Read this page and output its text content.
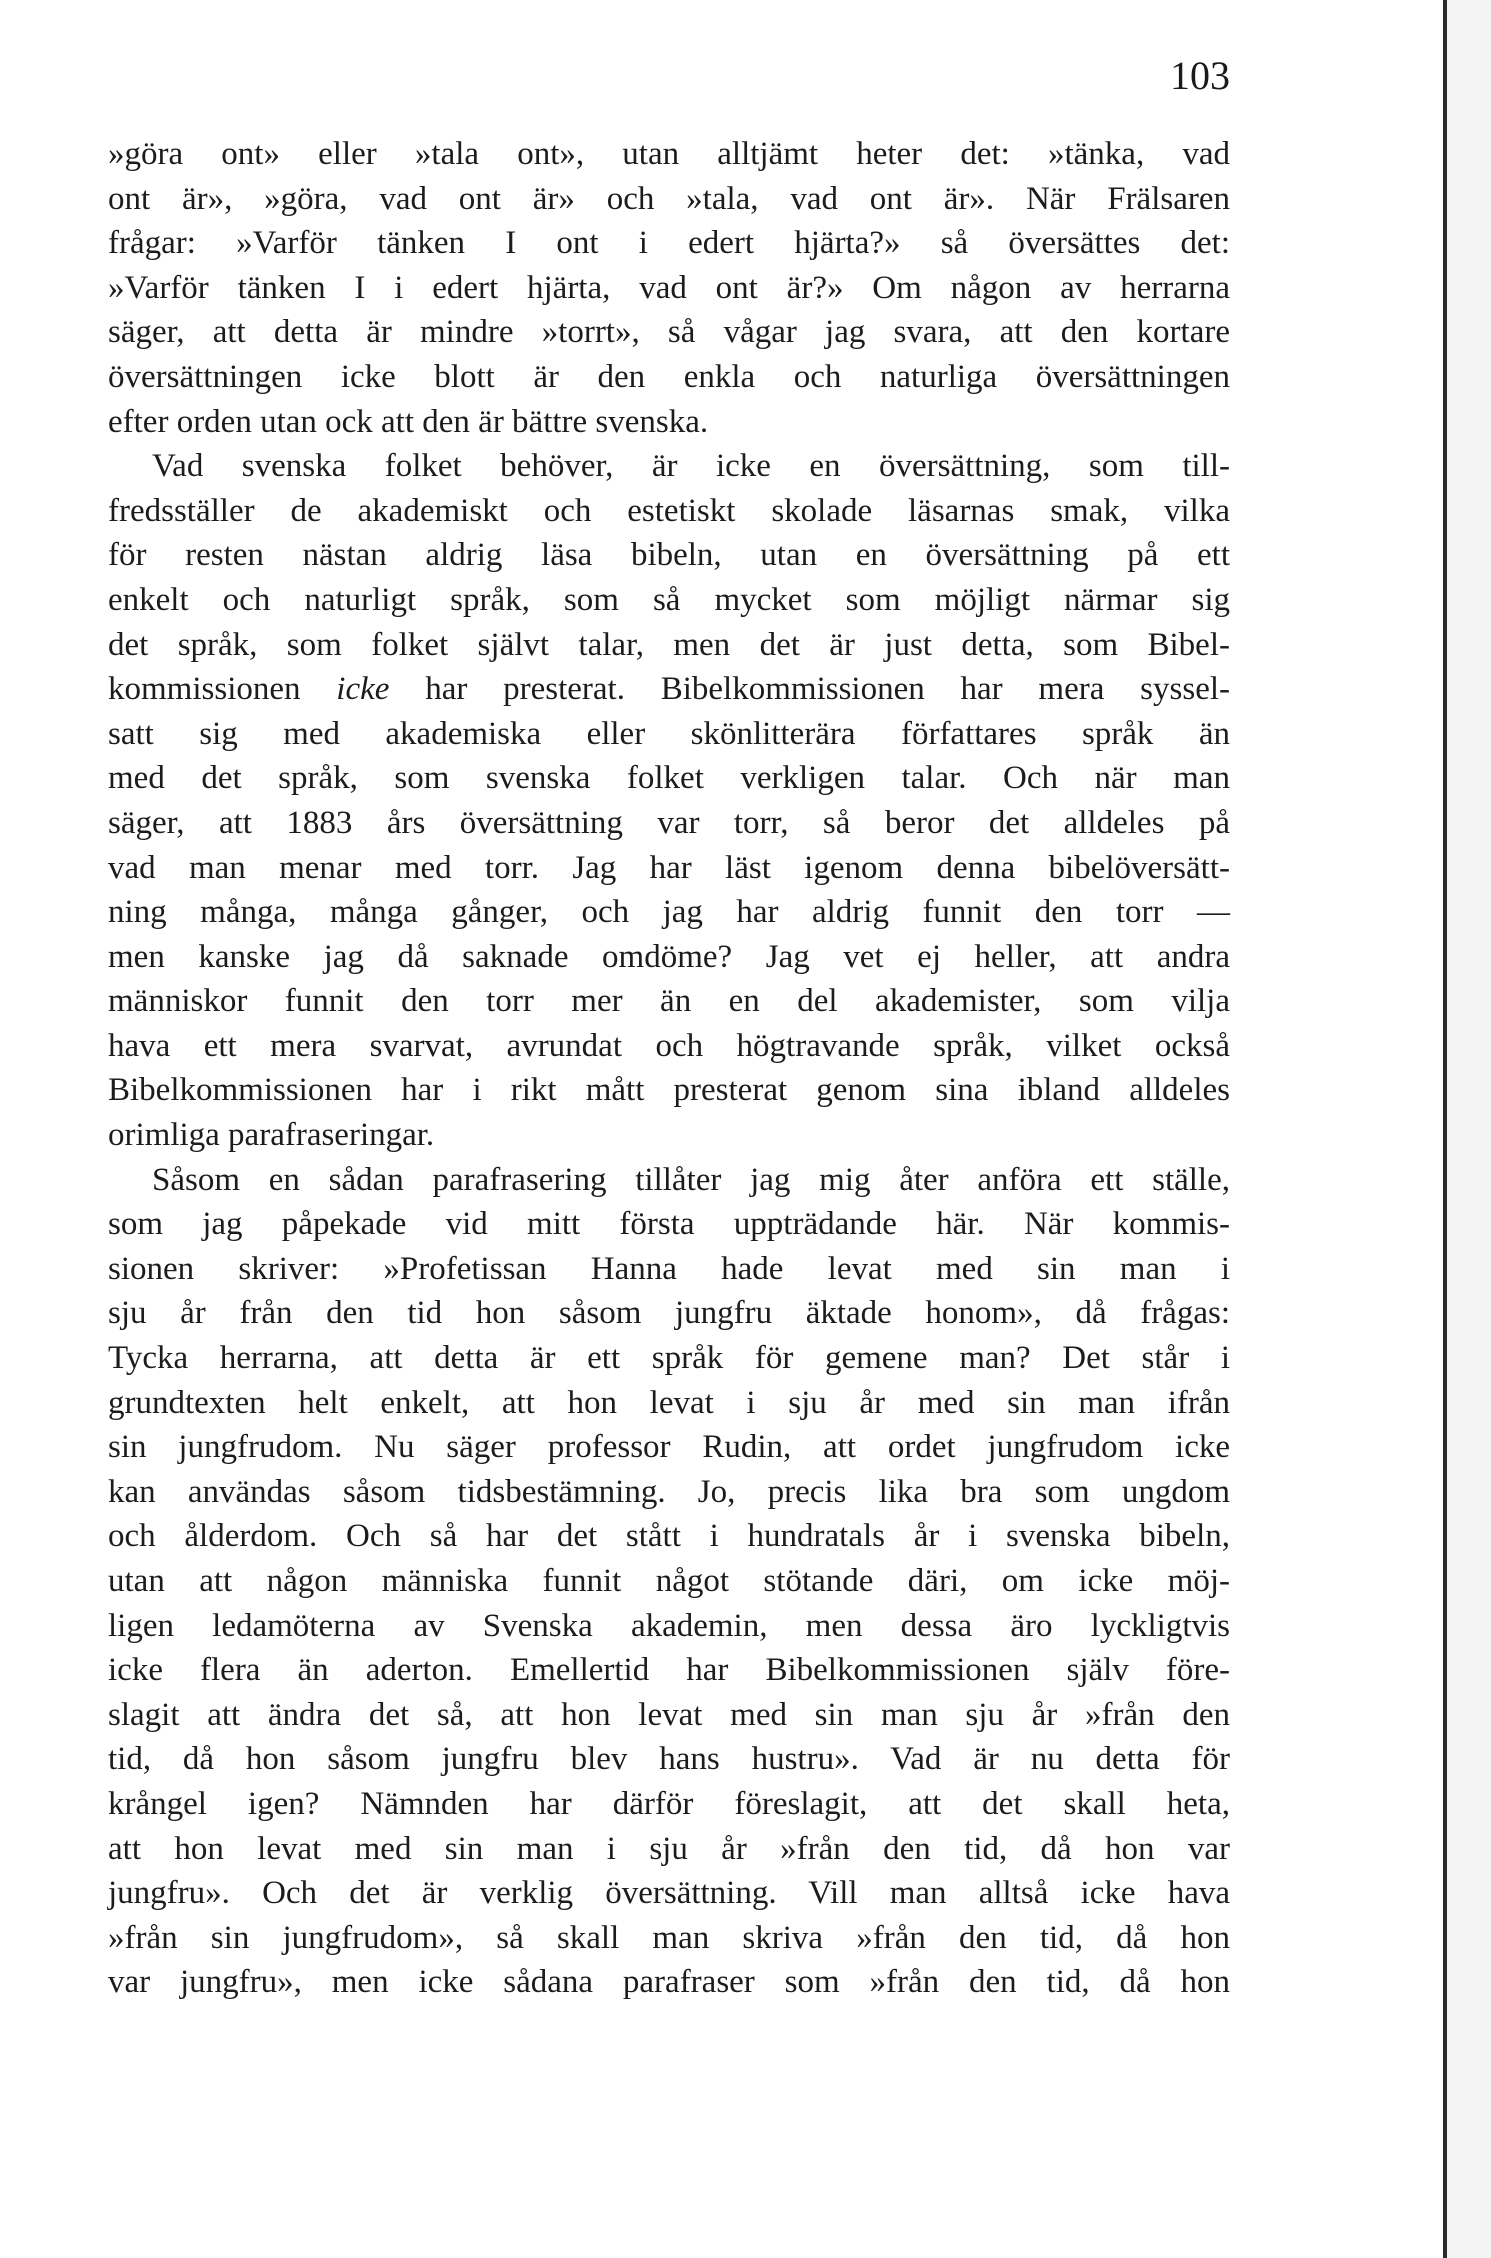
103
»göra ont» eller »tala ont», utan alltjämt heter det: »tänka, vad
ont är», »göra, vad ont är» och »tala, vad ont är». När Frälsaren
frågar: »Varför tänken I ont i edert hjärta?» så översättes det:
»Varför tänken I i edert hjärta, vad ont är?» Om någon av herrarna
säger, att detta är mindre »torrt», så vågar jag svara, att den kortare
översättningen icke blott är den enkla och naturliga översättningen
efter orden utan ock att den är bättre svenska.
Vad svenska folket behöver, är icke en översättning, som till-
fredsställer de akademiskt och estetiskt skolade läsarnas smak, vilka
för resten nästan aldrig läsa bibeln, utan en översättning på ett
enkelt och naturligt språk, som så mycket som möjligt närmar sig
det språk, som folket självt talar, men det är just detta, som Bibel-
kommissionen icke har presterat. Bibelkommissionen har mera syssel-
satt sig med akademiska eller skönlitterära författares språk än
med det språk, som svenska folket verkligen talar. Och när man
säger, att 1883 års översättning var torr, så beror det alldeles på
vad man menar med torr. Jag har läst igenom denna bibelöversätt-
ning många, många gånger, och jag har aldrig funnit den torr —
men kanske jag då saknade omdöme? Jag vet ej heller, att andra
människor funnit den torr mer än en del akademister, som vilja
hava ett mera svarvat, avrundat och högtravande språk, vilket också
Bibelkommissionen har i rikt mått presterat genom sina ibland alldeles
orimliga parafraseringar.
Såsom en sådan parafrasering tillåter jag mig åter anföra ett ställe,
som jag påpekade vid mitt första uppträdande här. När kommis-
sionen skriver: »Profetissan Hanna hade levat med sin man i
sju år från den tid hon såsom jungfru äktade honom», då frågas:
Tycka herrarna, att detta är ett språk för gemene man? Det står i
grundtexten helt enkelt, att hon levat i sju år med sin man ifrån
sin jungfrudom. Nu säger professor Rudin, att ordet jungfrudom icke
kan användas såsom tidsbestämning. Jo, precis lika bra som ungdom
och ålderdom. Och så har det stått i hundratals år i svenska bibeln,
utan att någon människa funnit något stötande däri, om icke möj-
ligen ledamöterna av Svenska akademin, men dessa äro lyckligtvis
icke flera än aderton. Emellertid har Bibelkommissionen själv före-
slagit att ändra det så, att hon levat med sin man sju år »från den
tid, då hon såsom jungfru blev hans hustru». Vad är nu detta för
krångel igen? Nämnden har därför föreslagit, att det skall heta,
att hon levat med sin man i sju år »från den tid, då hon var
jungfru». Och det är verklig översättning. Vill man alltså icke hava
»från sin jungfrudom», så skall man skriva »från den tid, då hon
var jungfru», men icke sådana parafraser som »från den tid, då hon
